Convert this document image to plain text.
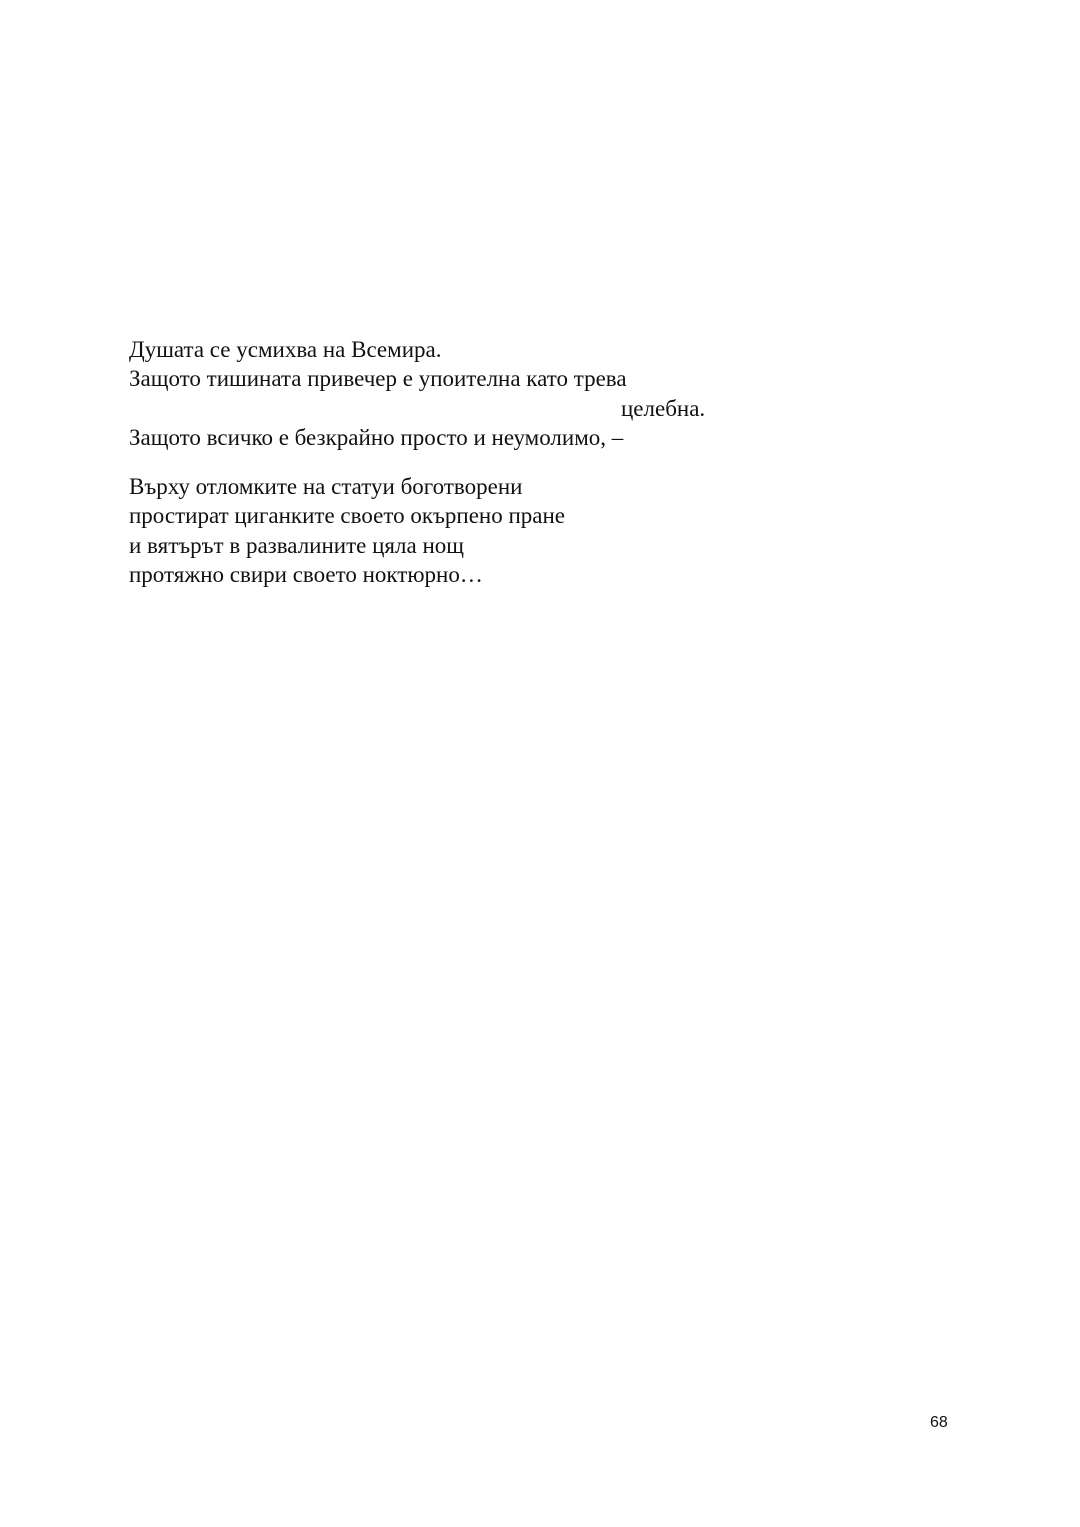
Душата се усмихва на Всемира.
Защото тишината привечер е упоителна като трева
целебна.
Защото всичко е безкрайно просто и неумолимо, –
Върху отломките на статуи боготворени
простират циганките своето окърпено пране
и вятърът в развалините цяла нощ
протяжно свири своето ноктюрно…
68
